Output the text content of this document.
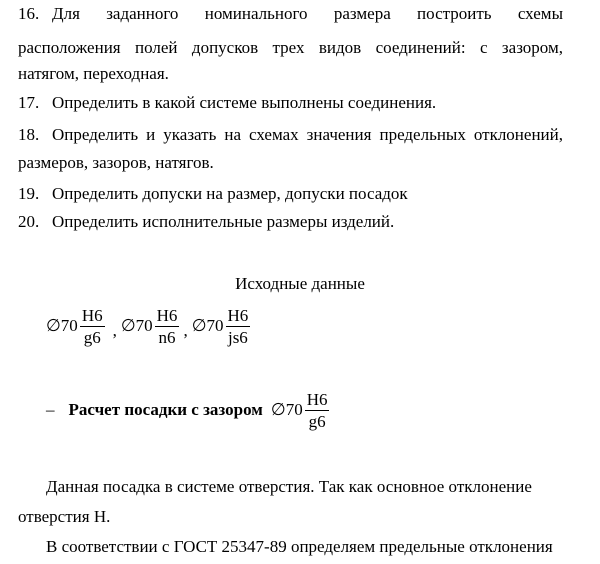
16. Для заданного номинального размера построить схемы
расположения полей допусков трех видов соединений: с зазором,
натягом, переходная.
17. Определить в какой системе выполнены соединения.
18. Определить и указать на схемах значения предельных отклонений,
размеров, зазоров, натягов.
19. Определить допуски на размер, допуски посадок
20. Определить исполнительные размеры изделий.
Исходные данные
∅70 $\frac{H6}{g6}$ , ∅70 $\frac{H6}{n6}$ , ∅70 $\frac{H6}{js6}$
– Расчет посадки с зазором ∅70 $\frac{H6}{g6}$
Данная посадка в системе отверстия. Так как основное отклонение
отверстия H.
В соответствии с ГОСТ 25347-89 определяем предельные отклонения
